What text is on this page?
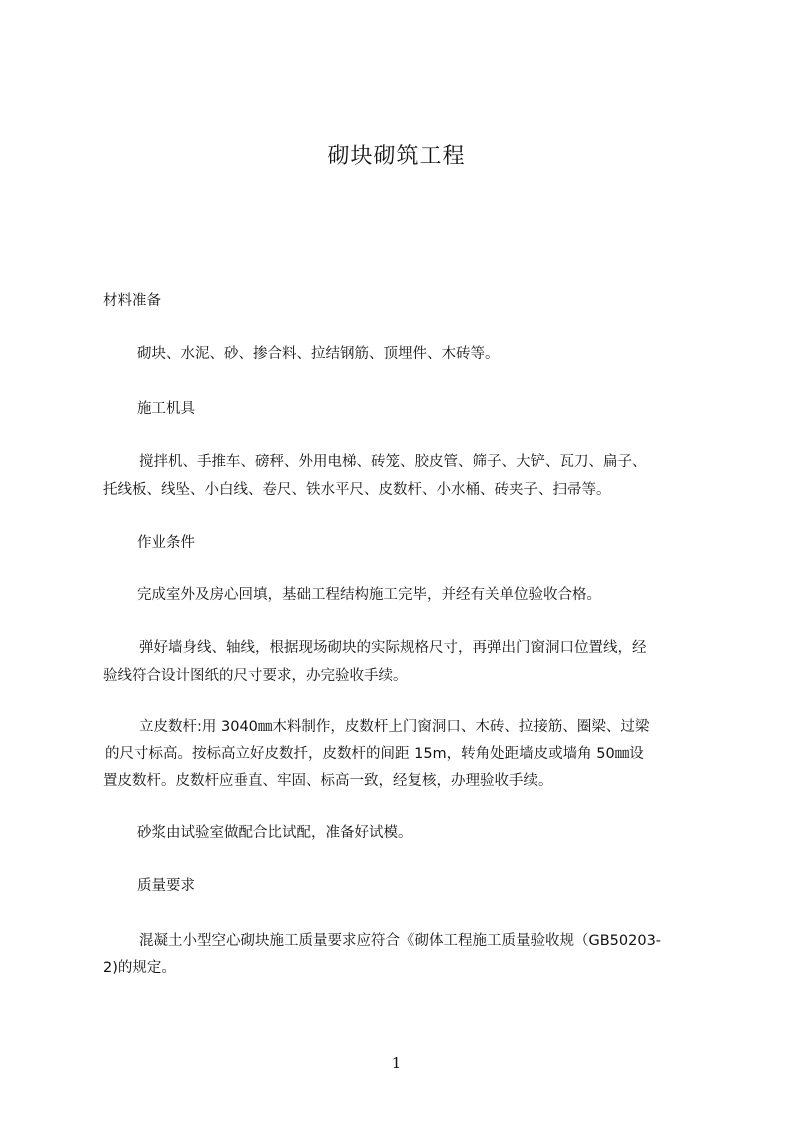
砌块砌筑工程
材料准备
砌块、水泥、砂、掺合料、拉结钢筋、顶埋件、木砖等。
施工机具
搅拌机、手推车、磅秤、外用电梯、砖笼、胶皮管、筛子、大铲、瓦刀、扁子、
托线板、线坠、小白线、卷尺、铁水平尺、皮数杆、小水桶、砖夹子、扫帚等。
作业条件
完成室外及房心回填，基础工程结构施工完毕，并经有关单位验收合格。
弹好墙身线、轴线，根据现场砌块的实际规格尺寸，再弹出门窗洞口位置线，经
验线符合设计图纸的尺寸要求，办完验收手续。
立皮数杆:用 3040㎜木料制作，皮数杆上门窗洞口、木砖、拉接筋、圈梁、过梁
的尺寸标高。按标高立好皮数扦，皮数杆的间距 15m，转角处距墙皮或墙角 50㎜设
置皮数杆。皮数杆应垂直、牢固、标高一致，经复核，办理验收手续。
砂浆由试验室做配合比试配，准备好试模。
质量要求
混凝土小型空心砌块施工质量要求应符合《砌体工程施工质量验收规（GB50203-
2)的规定。
1
